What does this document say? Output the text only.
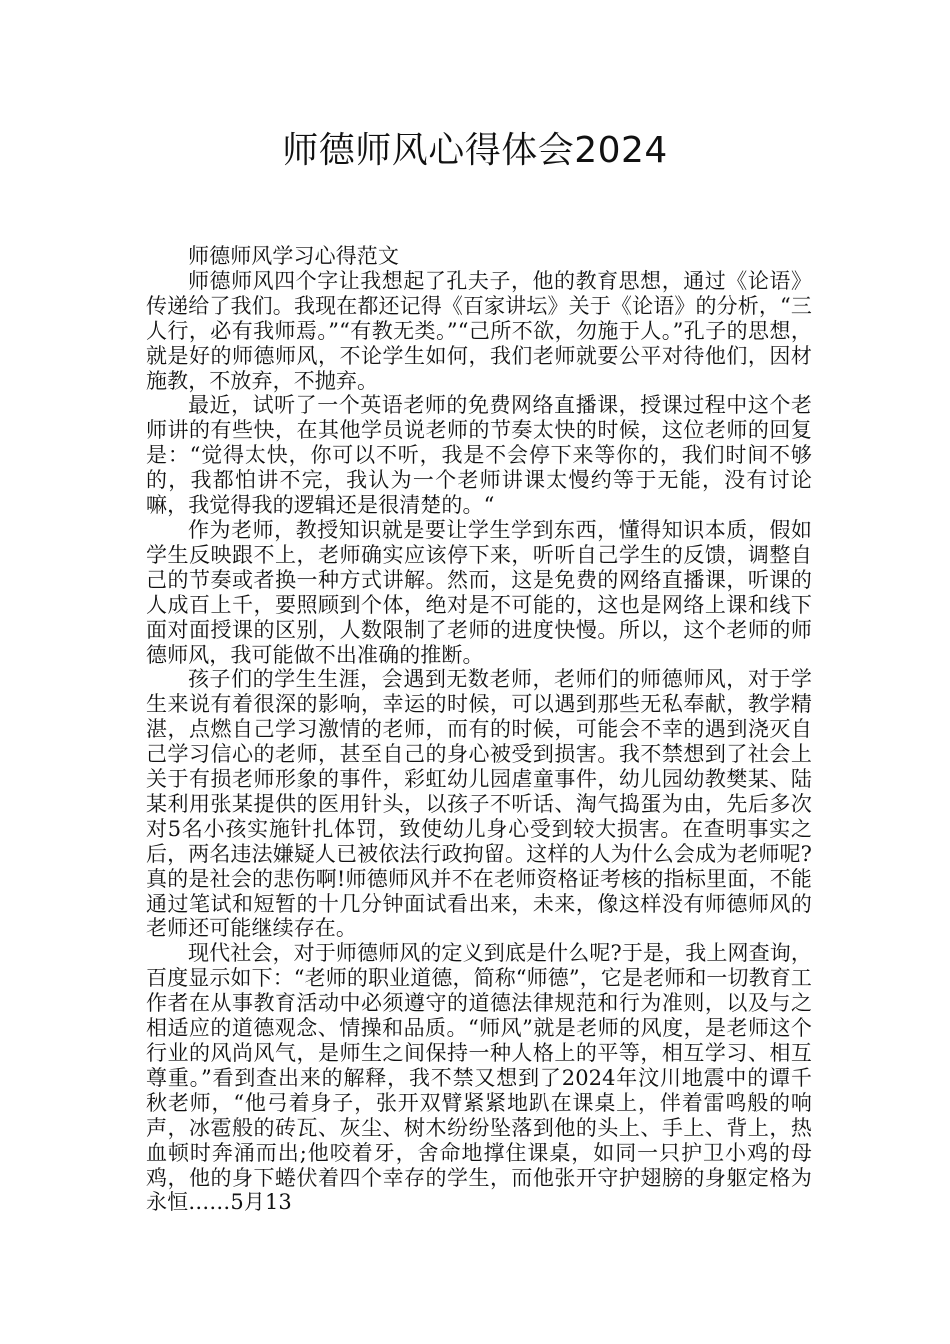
师德师风心得体会2024

师德师风学习心得范文

师德师风四个字让我想起了孔夫子，他的教育思想，通过《论语》传递给了我们。我现在都还记得《百家讲坛》关于《论语》的分析，“三人行，必有我师焉。”“有教无类。”“己所不欲，勿施于人。”孔子的思想，就是好的师德师风，不论学生如何，我们老师就要公平对待他们，因材施教，不放弃，不抛弃。

最近，试听了一个英语老师的免费网络直播课，授课过程中这个老师讲的有些快，在其他学员说老师的节奏太快的时候，这位老师的回复是：“觉得太快，你可以不听，我是不会停下来等你的，我们时间不够的，我都怕讲不完，我认为一个老师讲课太慢约等于无能，没有讨论嘛，我觉得我的逻辑还是很清楚的。“

作为老师，教授知识就是要让学生学到东西，懂得知识本质，假如学生反映跟不上，老师确实应该停下来，听听自己学生的反馈，调整自己的节奏或者换一种方式讲解。然而，这是免费的网络直播课，听课的人成百上千，要照顾到个体，绝对是不可能的，这也是网络上课和线下面对面授课的区别，人数限制了老师的进度快慢。所以，这个老师的师德师风，我可能做不出准确的推断。

孩子们的学生生涯，会遇到无数老师，老师们的师德师风，对于学生来说有着很深的影响，幸运的时候，可以遇到那些无私奉献，教学精湛，点燃自己学习激情的老师，而有的时候，可能会不幸的遇到浇灭自己学习信心的老师，甚至自己的身心被受到损害。我不禁想到了社会上关于有损老师形象的事件，彩虹幼儿园虐童事件，幼儿园幼教樊某、陆某利用张某提供的医用针头，以孩子不听话、淘气捣蛋为由，先后多次对5名小孩实施针扎体罚，致使幼儿身心受到较大损害。在查明事实之后，两名违法嫌疑人已被依法行政拘留。这样的人为什么会成为老师呢?真的是社会的悲伤啊!师德师风并不在老师资格证考核的指标里面，不能通过笔试和短暂的十几分钟面试看出来，未来，像这样没有师德师风的老师还可能继续存在。

现代社会，对于师德师风的定义到底是什么呢?于是，我上网查询，百度显示如下：“老师的职业道德，简称“师德”，它是老师和一切教育工作者在从事教育活动中必须遵守的道德法律规范和行为准则，以及与之相适应的道德观念、情操和品质。“师风”就是老师的风度，是老师这个行业的风尚风气，是师生之间保持一种人格上的平等，相互学习、相互尊重。”看到查出来的解释，我不禁又想到了2024年汶川地震中的谭千秋老师，“他弓着身子，张开双臂紧紧地趴在课桌上，伴着雷鸣般的响声，冰雹般的砖瓦、灰尘、树木纷纷坠落到他的头上、手上、背上，热血顿时奔涌而出;他咬着牙，舍命地撑住课桌，如同一只护卫小鸡的母鸡，他的身下蜷伏着四个幸存的学生，而他张开守护翅膀的身躯定格为永恒……5月13
